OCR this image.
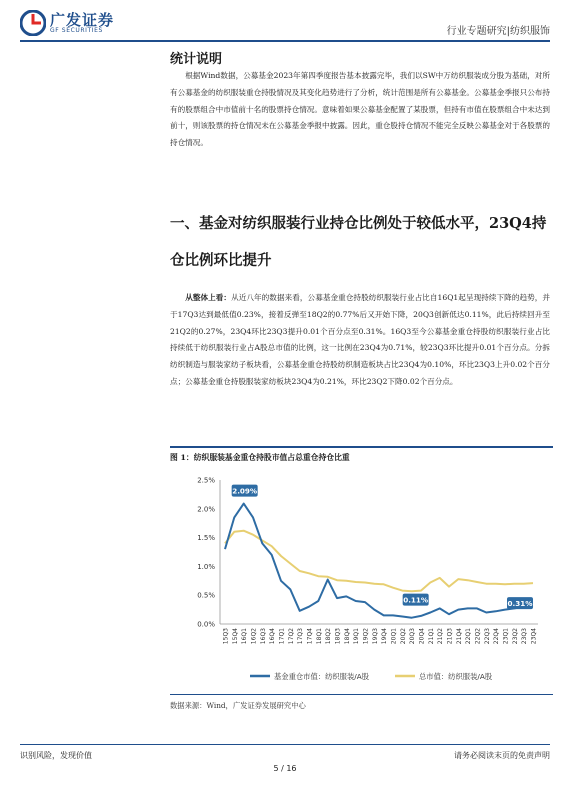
广发证券
GF SECURITIES	行业专题研究|纺织服饰
统计说明

根据Wind数据，公募基金2023年第四季度报告基本披露完毕，我们以SW中万纺织服装成分股为基础，对所有公募基金的纺织服装重仓持股情况及其变化趋势进行了分析，统计范围是所有公募基金。公募基金季报只公布持有的股票组合中市值前十名的股票持仓情况。意味着如果公募基金配置了某股票，但持有市值在股票组合中未达到前十，则该股票的持仓情况未在公募基金季报中披露。因此，重仓股持仓情况不能完全反映公募基金对于各股票的持仓情况。

一、基金对纺织服装行业持仓比例处于较低水平，23Q4持仓比例环比提升

从整体上看：从近八年的数据来看，公募基金重仓持股纺织服装行业占比自16Q1起呈现持续下降的趋势，并于17Q3达到最低值0.23%，接着反弹至18Q2的0.77%后又开始下降，20Q3创新低达0.11%，此后持续回升至21Q2的0.27%，23Q4环比23Q3提升0.01个百分点至0.31%。16Q3至今公募基金重仓持股纺织服装行业占比持续低于纺织服装行业占A股总市值的比例，这一比例在23Q4为0.71%，较23Q3环比提升0.01个百分点。分拆纺织制造与服装家纺子板块看，公募基金重仓持股纺织制造板块占比23Q4为0.10%，环比23Q3上升0.02个百分点；公募基金重仓持股服装家纺板块23Q4为0.21%，环比23Q2下降0.02个百分点。

图 1：纺织服装基金重仓持股市值占总重仓持仓比重
0.0%
0.5%
1.0%
1.5%
2.0%
2.5%
15Q3 15Q4 16Q1 16Q2 16Q3 16Q4 17Q1 17Q2 17Q3 17Q4 18Q1 18Q2 18Q3 18Q4 19Q1 19Q2 19Q3 19Q4 20Q1 20Q2 20Q3 20Q4 21Q1 21Q2 21Q3 21Q4 22Q1 22Q2 22Q3 22Q4 23Q1 23Q2 23Q3 23Q4
2.09%
0.11%	0.31%
基金重仓市值：纺织服装/A股	总市值：纺织服装/A股
数据来源：Wind，广发证券发展研究中心
识别风险，发现价值	请务必阅读末页的免责声明
5 / 16
